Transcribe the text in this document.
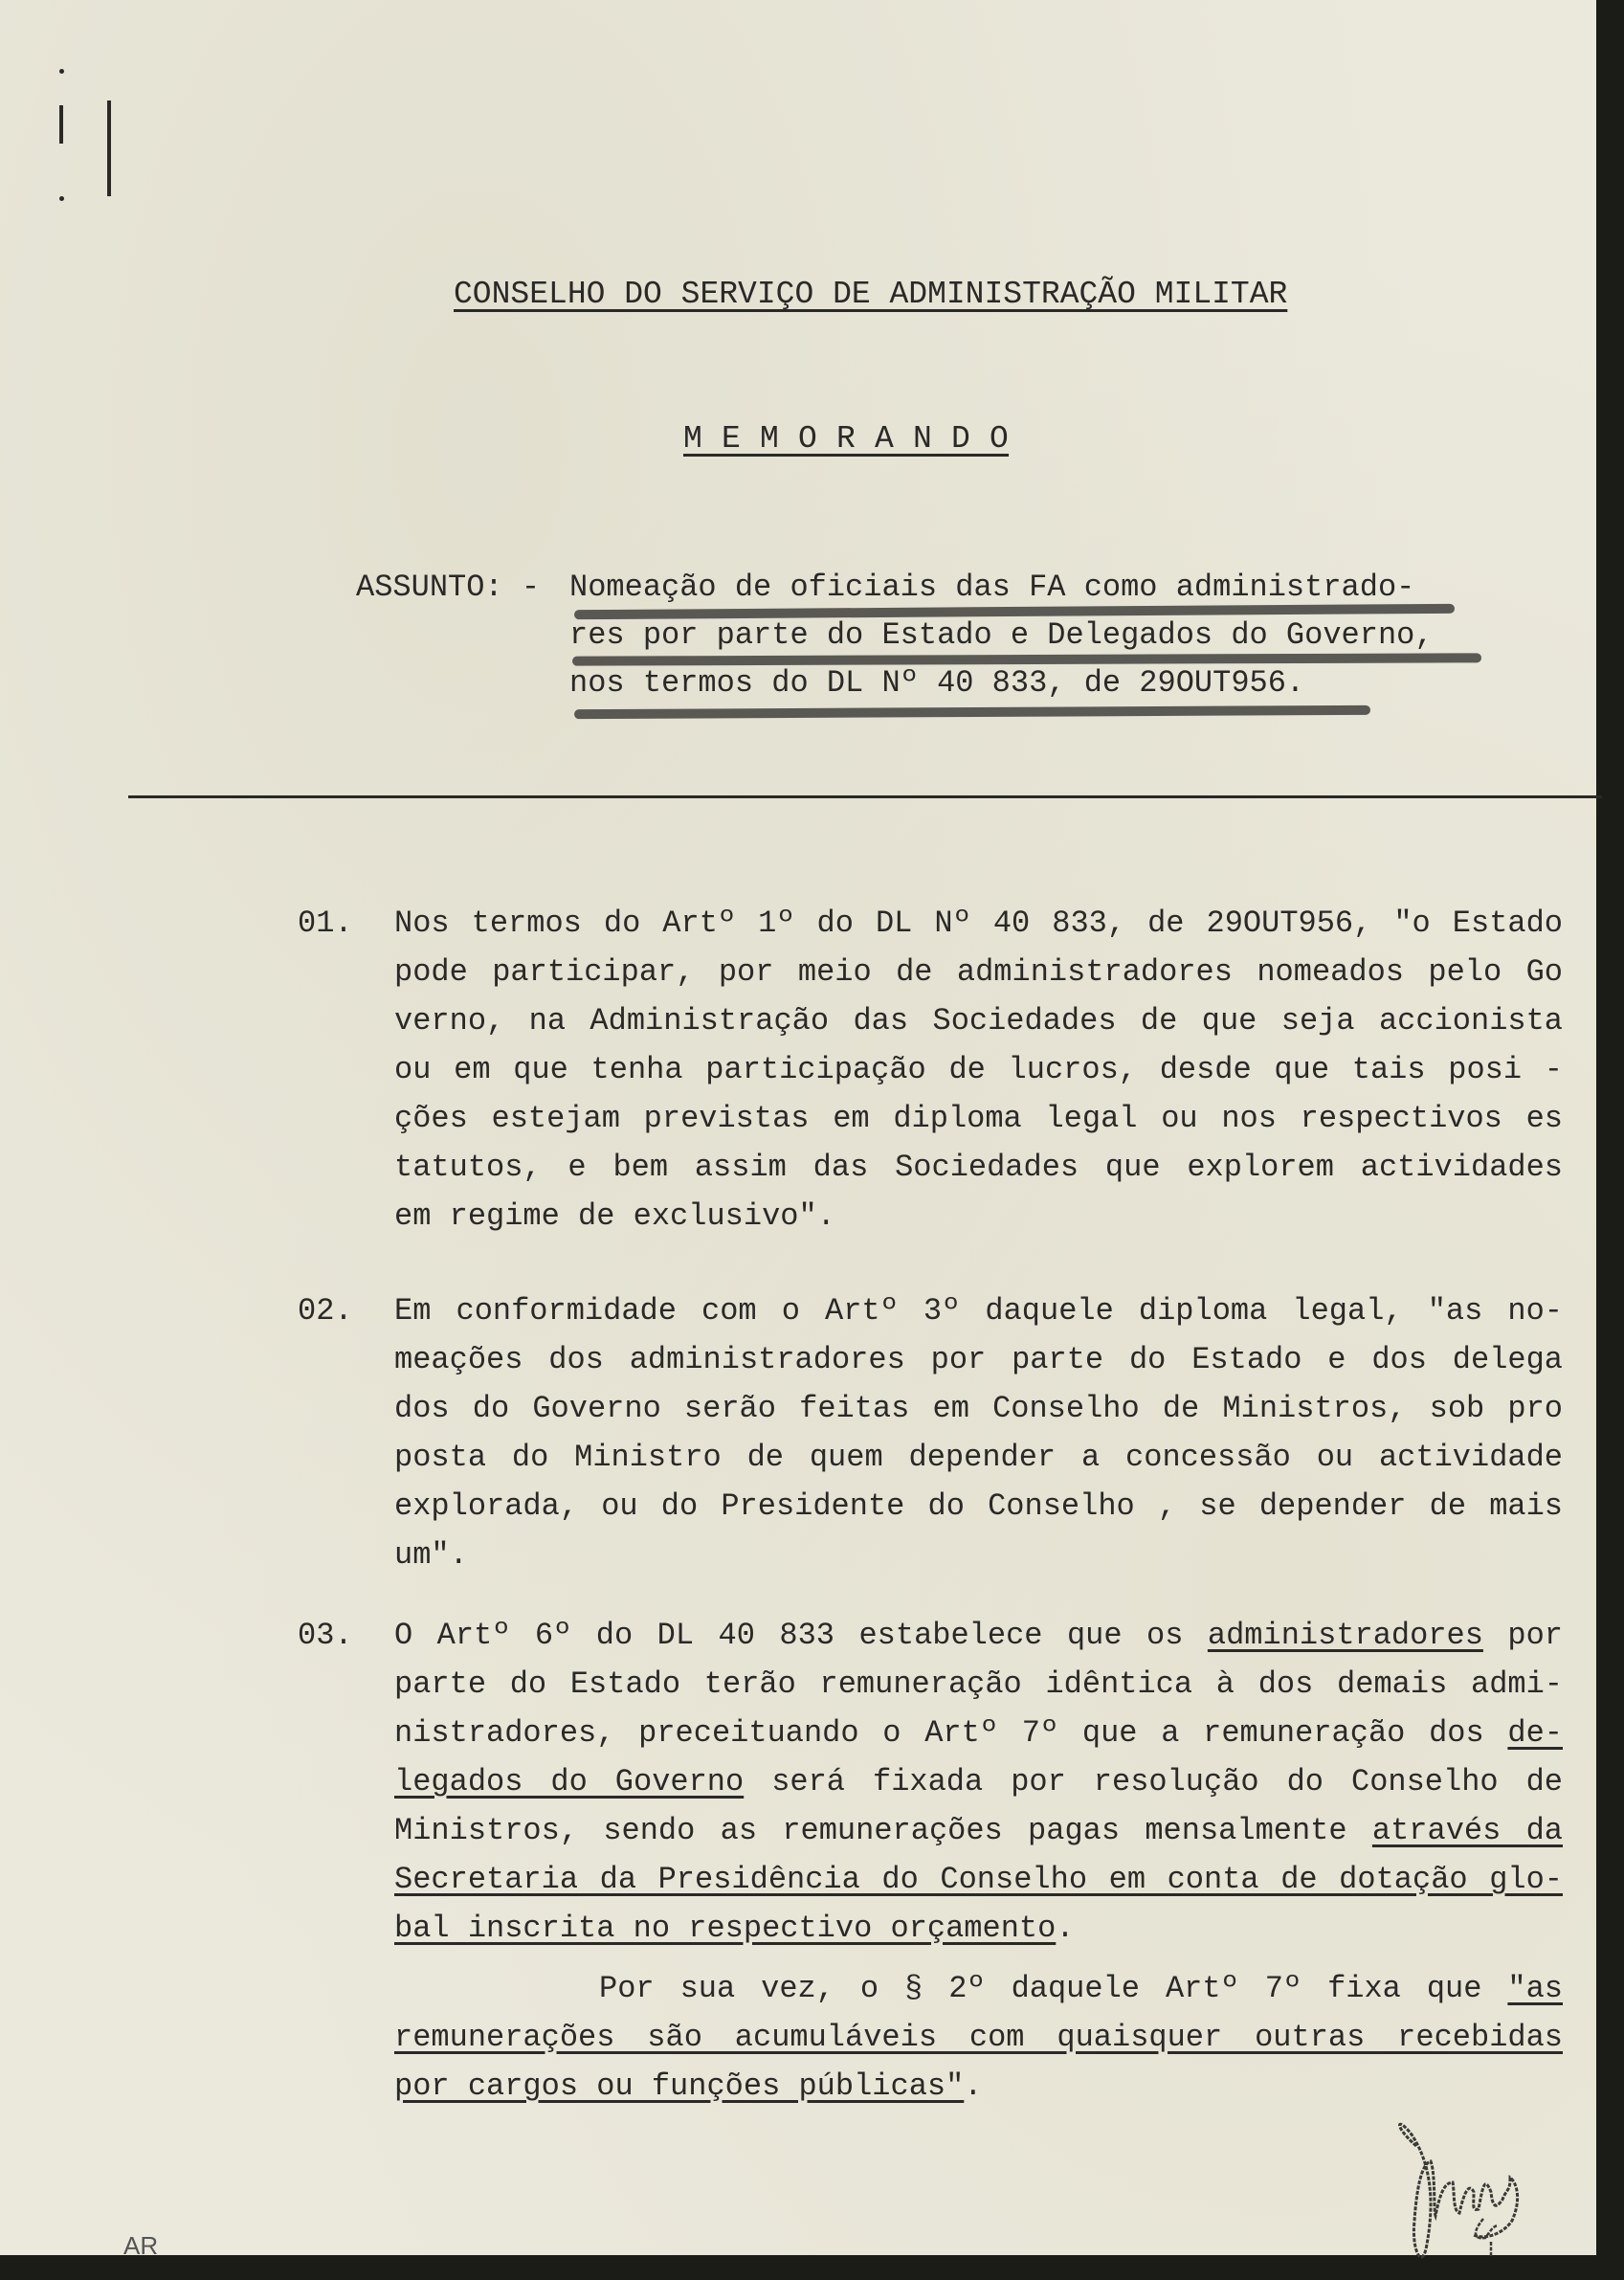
CONSELHO DO SERVIÇO DE ADMINISTRAÇÃO MILITAR
M E M O R A N D O
ASSUNTO: - Nomeação de oficiais das FA como administrado-
res por parte do Estado e Delegados do Governo,
nos termos do DL Nº 40 833, de 29OUT956.
01. Nos termos do Artº 1º do DL Nº 40 833, de 29OUT956, "o Estado
pode participar, por meio de administradores nomeados pelo Go
verno, na Administração das Sociedades de que seja accionista
ou em que tenha participação de lucros, desde que tais posi -
ções estejam previstas em diploma legal ou nos respectivos es
tatutos, e bem assim das Sociedades que explorem actividades
em regime de exclusivo".
02. Em conformidade com o Artº 3º daquele diploma legal, "as no-
meações dos administradores por parte do Estado e dos delega
dos do Governo serão feitas em Conselho de Ministros, sob pro
posta do Ministro de quem depender a concessão ou actividade
explorada, ou do Presidente do Conselho , se depender de mais
um".
03. O Artº 6º do DL 40 833 estabelece que os administradores por
parte do Estado terão remuneração idêntica à dos demais admi-
nistradores, preceituando o Artº 7º que a remuneração dos de-
legados do Governo será fixada por resolução do Conselho de
Ministros, sendo as remunerações pagas mensalmente através da
Secretaria da Presidência do Conselho em conta de dotação glo-
bal inscrita no respectivo orçamento.
Por sua vez, o § 2º daquele Artº 7º fixa que "as
remunerações são acumuláveis com quaisquer outras recebidas
por cargos ou funções públicas".
AR
